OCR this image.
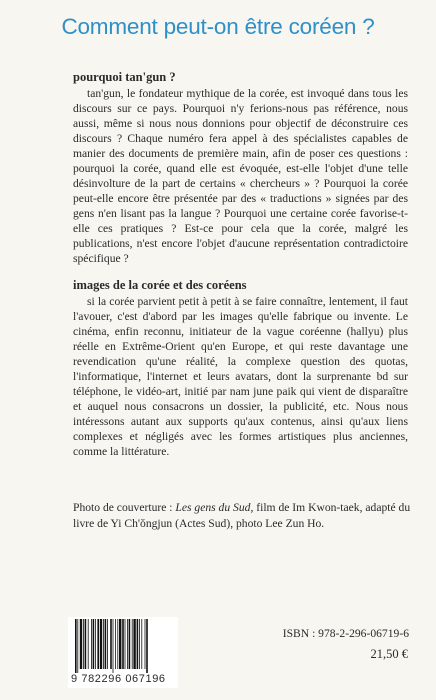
Comment peut-on être coréen ?
pourquoi tan'gun ?

tan'gun, le fondateur mythique de la corée, est invoqué dans tous les discours sur ce pays. Pourquoi n'y ferions-nous pas référence, nous aussi, même si nous nous donnions pour objectif de déconstruire ces discours ? Chaque numéro fera appel à des spécialistes capables de manier des documents de première main, afin de poser ces questions : pourquoi la corée, quand elle est évoquée, est-elle l'objet d'une telle désinvolture de la part de certains « chercheurs » ? Pourquoi la corée peut-elle encore être présentée par des « traductions » signées par des gens n'en lisant pas la langue ? Pourquoi une certaine corée favorise-t-elle ces pratiques ? Est-ce pour cela que la corée, malgré les publications, n'est encore l'objet d'aucune représentation contradictoire spécifique ?

images de la corée et des coréens

si la corée parvient petit à petit à se faire connaître, lentement, il faut l'avouer, c'est d'abord par les images qu'elle fabrique ou invente. Le cinéma, enfin reconnu, initiateur de la vague coréenne (hallyu) plus réelle en Extrême-Orient qu'en Europe, et qui reste davantage une revendication qu'une réalité, la complexe question des quotas, l'informatique, l'internet et leurs avatars, dont la surprenante bd sur téléphone, le vidéo-art, initié par nam june paik qui vient de disparaître et auquel nous consacrons un dossier, la publicité, etc. Nous nous intéressons autant aux supports qu'aux contenus, ainsi qu'aux liens complexes et négligés avec les formes artistiques plus anciennes, comme la littérature.

Photo de couverture : Les gens du Sud, film de Im Kwon-taek, adapté du livre de Yi Ch'ŏngjun (Actes Sud), photo Lee Zun Ho.
9 782296 067196
ISBN : 978-2-296-06719-6
21,50 €
